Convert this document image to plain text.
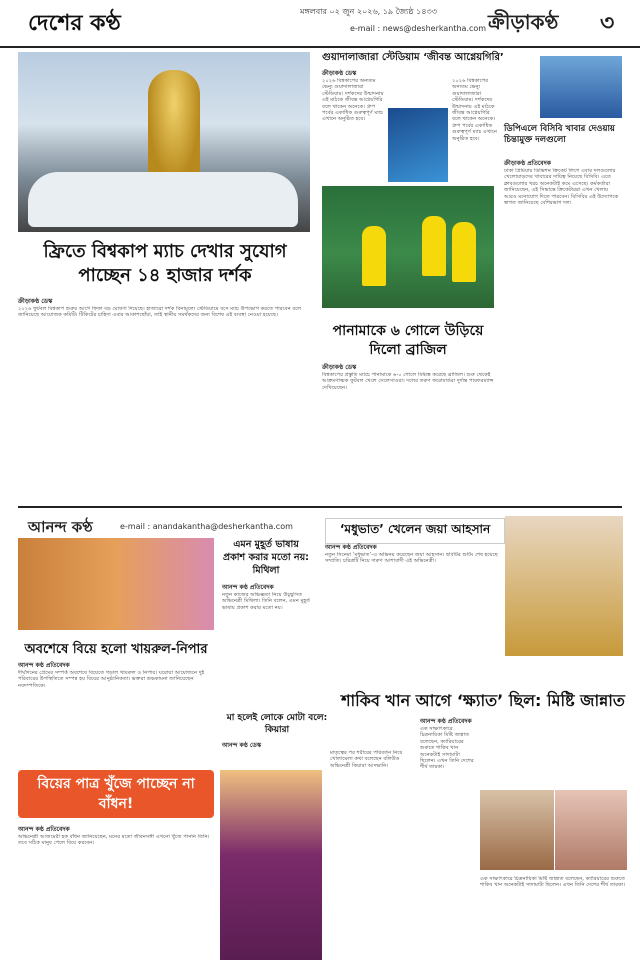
দেশের কণ্ঠ	মঙ্গলবার ০২ জুন ২০২৬, ১৯ জ্যৈষ্ঠ ১৪৩৩
e-mail : news@desherkantha.com ক্রীড়াকণ্ঠ ৩
ফ্রিতে বিশ্বকাপ ম্যাচ দেখার সুযোগ পাচ্ছেন ১৪ হাজার দর্শক
ক্রীড়াকণ্ঠ ডেস্ক
২০২৬ ফুটবল বিশ্বকাপ শুরুর আগে ফিফা বড় ঘোষণা দিয়েছে। হাজারো দর্শক বিনামূল্যে স্টেডিয়ামে বসে ম্যাচ উপভোগ করতে পারবেন বলে জানিয়েছে আয়োজক কমিটি। টিকিটের চাহিদা এবার আকাশছোঁয়া, তাই স্থানীয় সমর্থকদের জন্য বিশেষ এই ব্যবস্থা নেওয়া হয়েছে।
গুয়াদালাজারা স্টেডিয়াম ‘জীবন্ত আগ্নেয়গিরি’
ক্রীড়াকণ্ঠ ডেস্ক
২০২৬ বিশ্বকাপের অন্যতম ভেন্যু গুয়াদালাজারা স্টেডিয়াম। দর্শকদের উন্মাদনায় এই মাঠকে জীবন্ত আগ্নেয়গিরি বলে থাকেন অনেকে। গ্রুপ পর্বের একাধিক গুরুত্বপূর্ণ ম্যাচ এখানে অনুষ্ঠিত হবে।
২০২৬ বিশ্বকাপের অন্যতম ভেন্যু গুয়াদালাজারা স্টেডিয়াম। দর্শকদের উন্মাদনায় এই মাঠকে জীবন্ত আগ্নেয়গিরি বলে থাকেন অনেকে। গ্রুপ পর্বের একাধিক গুরুত্বপূর্ণ ম্যাচ এখানে অনুষ্ঠিত হবে।
পানামাকে ৬ গোলে উড়িয়ে দিলো ব্রাজিল
ক্রীড়াকণ্ঠ ডেস্ক
বিশ্বকাপের প্রস্তুতি ম্যাচে পানামাকে ৬-০ গোলে বিধ্বস্ত করেছে ব্রাজিল। শুরু থেকেই আক্রমণাত্মক ফুটবল খেলে সেলেসাওরা। দলের তরুণ ফরোয়ার্ডরা দুর্দান্ত পারফরম্যান্স দেখিয়েছেন।
ডিপিএলে বিসিবি খাবার দেওয়ায় চিন্তামুক্ত দলগুলো
ক্রীড়াকণ্ঠ প্রতিবেদক
ঢাকা প্রিমিয়ার ডিভিশন ক্রিকেট লিগে এবার দলগুলোর খেলোয়াড়দের খাবারের দায়িত্ব নিয়েছে বিসিবি। এতে ক্লাবগুলোর খরচ অনেকটাই কমে এসেছে। কর্মকর্তারা জানিয়েছেন, এই সিদ্ধান্তে ক্রিকেটাররা এখন খেলায় আরও মনোযোগ দিতে পারবেন। বিসিবির এই উদ্যোগকে স্বাগত জানিয়েছে বেশিরভাগ দল।
আনন্দ কণ্ঠ	e-mail : anandakantha@desherkantha.com
অবশেষে বিয়ে হলো খায়রুল-নিপার
আনন্দ কণ্ঠ প্রতিবেদক
দীর্ঘদিনের প্রেমের সম্পর্ক অবশেষে বিয়েতে গড়াল খায়রুল ও নিপার। ঘরোয়া আয়োজনে দুই পরিবারের উপস্থিতিতে সম্পন্ন হয় বিয়ের আনুষ্ঠানিকতা। ভক্তরা শুভকামনা জানিয়েছেন নবদম্পতিকে।
এমন মুহূর্ত ভাষায় প্রকাশ করার মতো নয়: মিথিলা
আনন্দ কণ্ঠ প্রতিবেদক
নতুন কাজের অভিজ্ঞতা নিয়ে উচ্ছ্বসিত অভিনেত্রী মিথিলা। তিনি বলেন, এমন মুহূর্ত ভাষায় প্রকাশ করার মতো নয়।
‘মধুভাত’ খেলেন জয়া আহসান
আনন্দ কণ্ঠ প্রতিবেদক
নতুন সিনেমা ‘মধুভাত’-এ অভিনয় করেছেন জয়া আহসান। ছবিটির শুটিং শেষ হয়েছে সম্প্রতি। চরিত্রটি নিয়ে দারুণ আশাবাদী এই অভিনেত্রী।
মা হলেই লোকে মোটা বলে: কিয়ারা
আনন্দ কণ্ঠ ডেস্ক
মাতৃত্বের পর শরীরের পরিবর্তন নিয়ে খোলামেলা কথা বলেছেন বলিউড অভিনেত্রী কিয়ারা আদভানি।
শাকিব খান আগে ‘ক্ষ্যাত’ ছিল: মিষ্টি জান্নাত
আনন্দ কণ্ঠ প্রতিবেদক
এক সাক্ষাৎকারে চিত্রনায়িকা মিষ্টি জান্নাত বলেছেন, ক্যারিয়ারের শুরুতে শাকিব খান অনেকটাই সাদামাটা ছিলেন। এখন তিনি দেশের শীর্ষ তারকা।
এক সাক্ষাৎকারে চিত্রনায়িকা মিষ্টি জান্নাত বলেছেন, ক্যারিয়ারের শুরুতে শাকিব খান অনেকটাই সাদামাটা ছিলেন। এখন তিনি দেশের শীর্ষ তারকা।
বিয়ের পাত্র খুঁজে পাচ্ছেন না বাঁধন!
আনন্দ কণ্ঠ প্রতিবেদক
অভিনেত্রী আজমেরী হক বাঁধন জানিয়েছেন, মনের মতো জীবনসঙ্গী এখনো খুঁজে পাননি তিনি। তবে সঠিক মানুষ পেলে বিয়ে করবেন।
